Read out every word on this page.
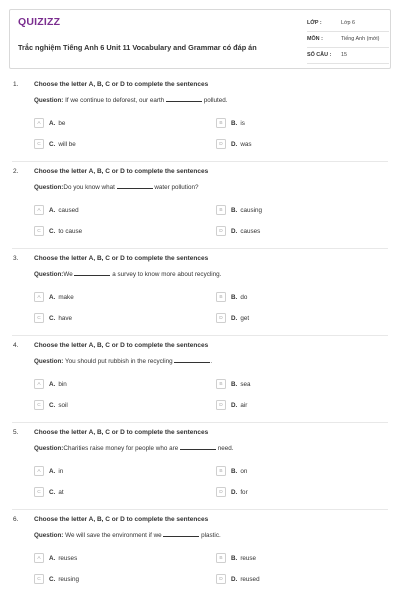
QUIZIZZ
Trắc nghiệm Tiếng Anh 6 Unit 11 Vocabulary and Grammar có đáp án
LỚP :	Lớp 6
MÔN :	Tiếng Anh (mới)
SỐ CÂU : 15
1. Choose the letter A, B, C or D to complete the sentences
Question: If we continue to deforest, our earth	polluted.
A	A. be	B	B. is
C	C. will be	D	D. was
2. Choose the letter A, B, C or D to complete the sentences
Question:Do you know what	water pollution?
A	A. caused	B	B. causing
C	C. to cause	D	D. causes
3. Choose the letter A, B, C or D to complete the sentences
Question:We	a survey to know more about recycling.
A	A. make	B	B. do
C	C. have	D	D. get
4. Choose the letter A, B, C or D to complete the sentences
Question: You should put rubbish in the recycling	.
A	A. bin	B	B. sea
C	C. soil	D	D. air
5. Choose the letter A, B, C or D to complete the sentences
Question:Charities raise money for people who are	need.
A	A. in	B	B. on
C	C. at	D	D. for
6. Choose the letter A, B, C or D to complete the sentences
Question: We will save the environment if we	plastic.
A	A. reuses	B	B. reuse
C	C. reusing	D	D. reused
